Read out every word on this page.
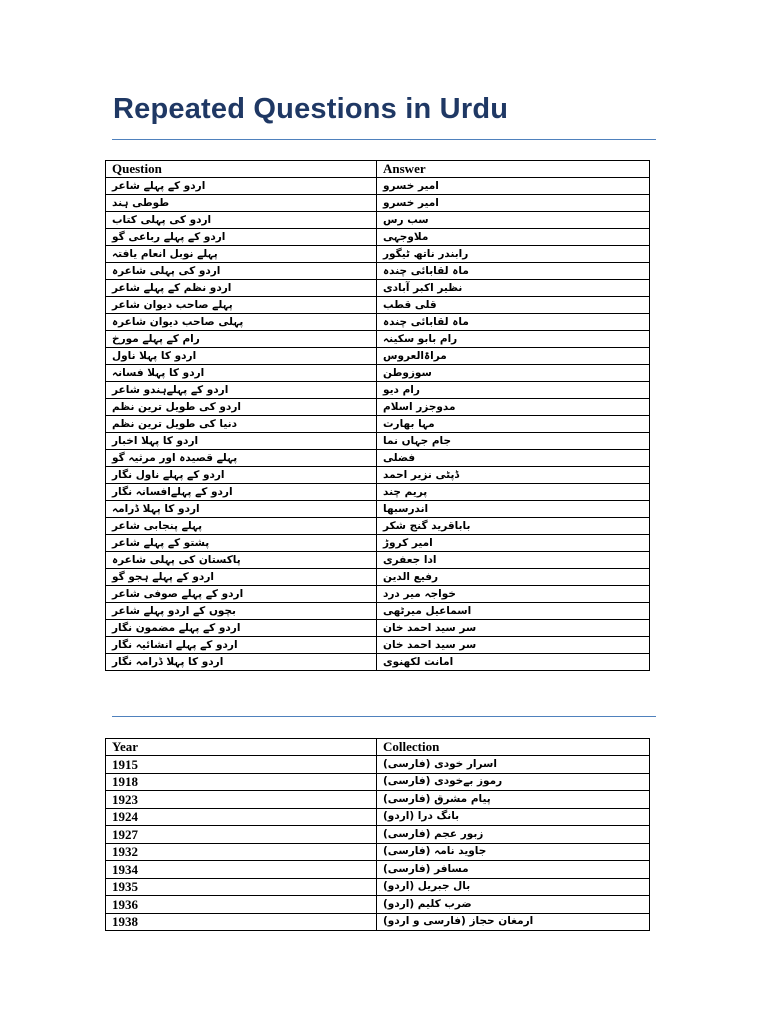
Repeated Questions in Urdu
Question	Answer
اردو کے پہلے شاعر	امیر خسرو
طوطی ہند	امیر خسرو
اردو کی پہلی کتاب	سب رس
اردو کے پہلے رباعی گو	ملاوجہی
پہلے نوبل انعام یافتہ	رابندر ناتھ ٹیگور
اردو کی پہلی شاعرہ	ماہ لقابائی چندہ
اردو نظم کے پہلے شاعر	نظیر اکبر آبادی
پہلے صاحب دیوان شاعر	قلی قطب
پہلی صاحب دیوان شاعرہ	ماہ لقابائی چندہ
رام کے پہلے مورخ	رام بابو سکینہ
اردو کا پہلا ناول	مراۃالعروس
اردو کا پہلا فسانہ	سوزوطن
اردو کے پہلےہندو شاعر	رام دیو
اردو کی طویل ترین نظم	مدوجزر اسلام
دنیا کی طویل ترین نظم	مہا بھارت
اردو کا پہلا اخبار	جام جہاں نما
پہلے قصیدہ اور مرثیہ گو	فضلی
اردو کے پہلے ناول نگار	ڈپٹی نزیر احمد
اردو کے پہلےافسانہ نگار	پریم چند
اردو کا پہلا ڈرامہ	اندرسبھا
پہلے پنجابی شاعر	باباقرید گنج شکر
پشتو کے پہلے شاعر	امیر کروڑ
پاکستان کی پہلی شاعرہ	ادا جعفری
اردو کے پہلے ہجو گو	رفیع الدین
اردو کے پہلے صوفی شاعر	خواجہ میر درد
بچوں کے اردو پہلے شاعر	اسماعیل میرٹھی
اردو کے پہلے مضمون نگار	سر سید احمد خان
اردو کے پہلے انشائیہ نگار	سر سید احمد خان
اردو کا پہلا ڈرامہ نگار	امانت لکھنوی
Year	Collection
1915	اسرار خودی (فارسی)
1918	رموز بےخودی (فارسی)
1923	پیام مشرق (فارسی)
1924	بانگ درا (اردو)
1927	زبور عجم (فارسی)
1932	جاوید نامہ (فارسی)
1934	مسافر (فارسی)
1935	بال جبریل (اردو)
1936	ضرب کلیم (اردو)
1938	ارمغان حجاز (فارسی و اردو)
